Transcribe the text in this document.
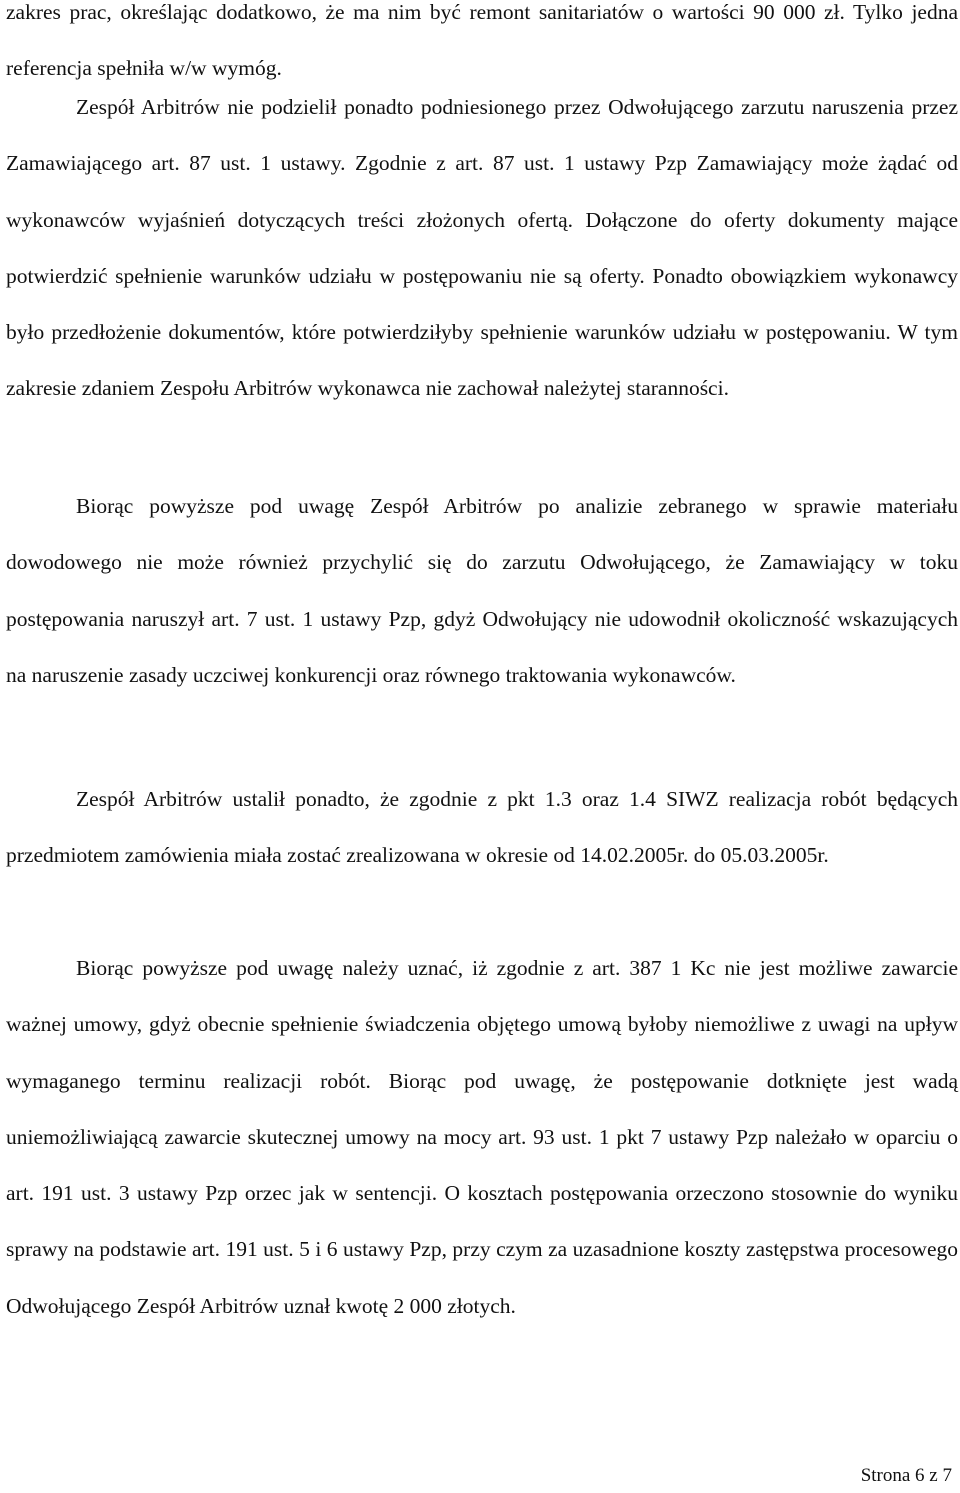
zakres prac, określając dodatkowo, że ma nim być remont sanitariatów o wartości 90 000 zł. Tylko jedna referencja spełniła w/w wymóg.

Zespół Arbitrów nie podzielił ponadto podniesionego przez Odwołującego zarzutu naruszenia przez Zamawiającego art. 87 ust. 1 ustawy. Zgodnie z art. 87 ust. 1 ustawy Pzp Zamawiający może żądać od wykonawców wyjaśnień dotyczących treści złożonych ofertą. Dołączone do oferty dokumenty mające potwierdzić spełnienie warunków udziału w postępowaniu nie są oferty. Ponadto obowiązkiem wykonawcy było przedłożenie dokumentów, które potwierdziłyby spełnienie warunków udziału w postępowaniu. W tym zakresie zdaniem Zespołu Arbitrów wykonawca nie zachował należytej staranności.

Biorąc powyższe pod uwagę Zespół Arbitrów po analizie zebranego w sprawie materiału dowodowego nie może również przychylić się do zarzutu Odwołującego, że Zamawiający w toku postępowania naruszył art. 7 ust. 1 ustawy Pzp, gdyż Odwołujący nie udowodnił okoliczność wskazujących na naruszenie zasady uczciwej konkurencji oraz równego traktowania wykonawców.

Zespół Arbitrów ustalił ponadto, że zgodnie z pkt 1.3 oraz 1.4 SIWZ realizacja robót będących przedmiotem zamówienia miała zostać zrealizowana w okresie od 14.02.2005r. do 05.03.2005r.

Biorąc powyższe pod uwagę należy uznać, iż zgodnie z art. 387 1 Kc nie jest możliwe zawarcie ważnej umowy, gdyż obecnie spełnienie świadczenia objętego umową byłoby niemożliwe z uwagi na upływ wymaganego terminu realizacji robót. Biorąc pod uwagę, że postępowanie dotknięte jest wadą uniemożliwiającą zawarcie skutecznej umowy na mocy art. 93 ust. 1 pkt 7 ustawy Pzp należało w oparciu o art. 191 ust. 3 ustawy Pzp orzec jak w sentencji. O kosztach postępowania orzeczono stosownie do wyniku sprawy na podstawie art. 191 ust. 5 i 6 ustawy Pzp, przy czym za uzasadnione koszty zastępstwa procesowego Odwołującego Zespół Arbitrów uznał kwotę 2 000 złotych.

Strona 6 z 7
